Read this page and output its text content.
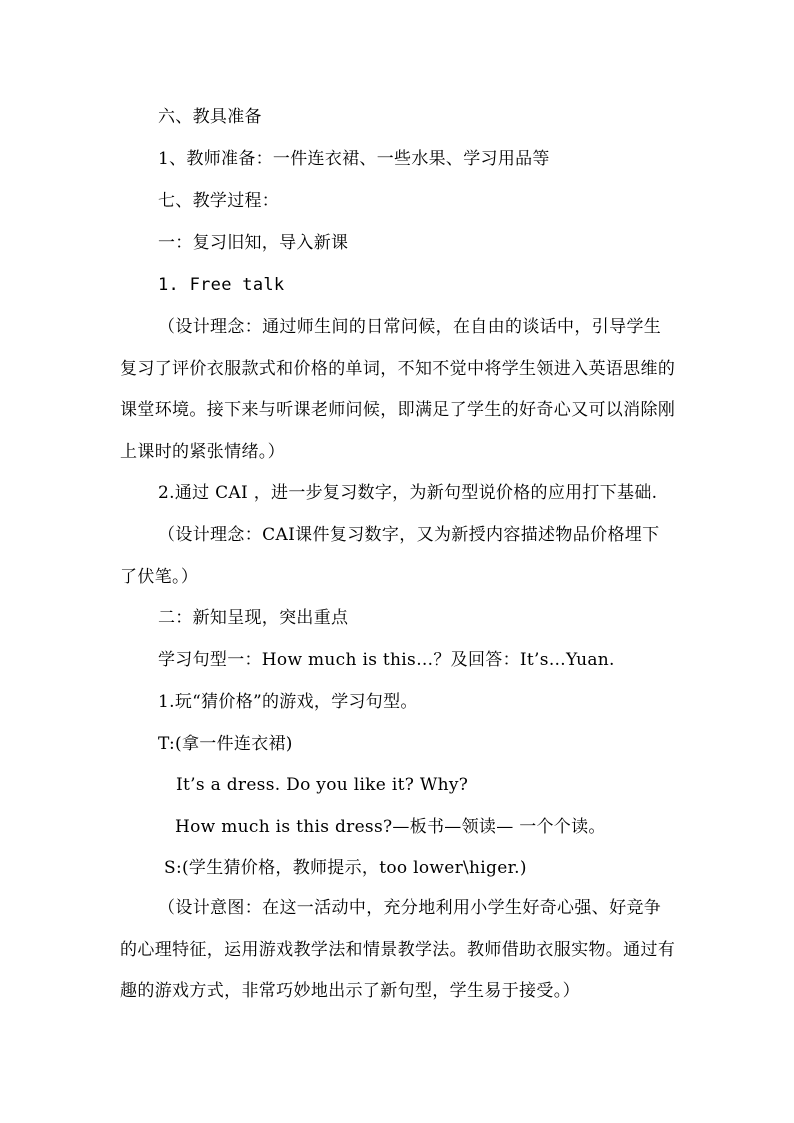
六、教具准备
1、教师准备：一件连衣裙、一些水果、学习用品等
七、教学过程：
一：复习旧知，导入新课
1. Free talk
（设计理念：通过师生间的日常问候，在自由的谈话中，引导学生复习了评价衣服款式和价格的单词，不知不觉中将学生领进入英语思维的课堂环境。接下来与听课老师问候，即满足了学生的好奇心又可以消除刚上课时的紧张情绪。）
2.通过 CAI ，进一步复习数字，为新句型说价格的应用打下基础.
（设计理念：CAI课件复习数字，又为新授内容描述物品价格埋下了伏笔。）
二：新知呈现，突出重点
学习句型一：How much is this…？及回答：It’s…Yuan.
1.玩“猜价格”的游戏，学习句型。
T:(拿一件连衣裙)
It’s a dress. Do you like it? Why?
How much is this dress?—板书—领读— 一个个读。
S:(学生猜价格，教师提示，too lower\higer.)
（设计意图：在这一活动中，充分地利用小学生好奇心强、好竞争的心理特征，运用游戏教学法和情景教学法。教师借助衣服实物。通过有趣的游戏方式，非常巧妙地出示了新句型，学生易于接受。）
